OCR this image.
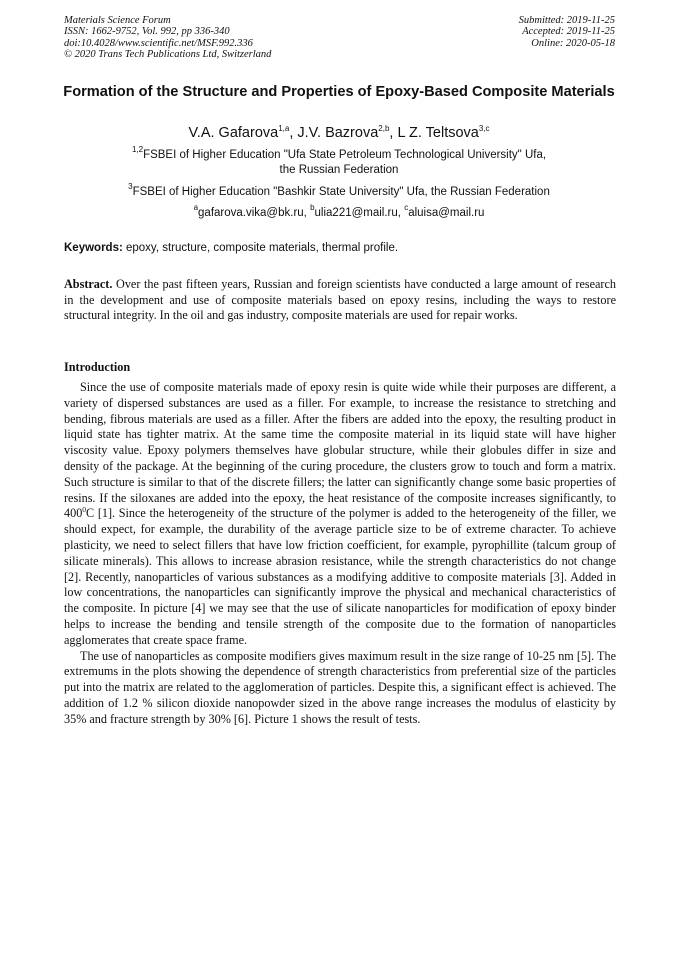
Materials Science Forum
ISSN: 1662-9752, Vol. 992, pp 336-340
doi:10.4028/www.scientific.net/MSF.992.336
© 2020 Trans Tech Publications Ltd, Switzerland
Submitted: 2019-11-25
Accepted: 2019-11-25
Online: 2020-05-18
Formation of the Structure and Properties of Epoxy-Based Composite Materials
V.A. Gafarova$^{1,a}$, J.V. Bazrova$^{2,b}$, L Z. Teltsova$^{3,c}$
$^{1,2}$FSBEI of Higher Education "Ufa State Petroleum Technological University" Ufa,
the Russian Federation
$^3$FSBEI of Higher Education "Bashkir State University" Ufa, the Russian Federation
$^a$gafarova.vika@bk.ru, $^b$ulia221@mail.ru, $^c$aluisa@mail.ru
Keywords: epoxy, structure, composite materials, thermal profile.
Abstract. Over the past fifteen years, Russian and foreign scientists have conducted a large amount of research in the development and use of composite materials based on epoxy resins, including the ways to restore structural integrity. In the oil and gas industry, composite materials are used for repair works.
Introduction

Since the use of composite materials made of epoxy resin is quite wide while their purposes are different, a variety of dispersed substances are used as a filler. For example, to increase the resistance to stretching and bending, fibrous materials are used as a filler. After the fibers are added into the epoxy, the resulting product in liquid state has tighter matrix. At the same time the composite material in its liquid state will have higher viscosity value. Epoxy polymers themselves have globular structure, while their globules differ in size and density of the package. At the beginning of the curing procedure, the clusters grow to touch and form a matrix. Such structure is similar to that of the discrete fillers; the latter can significantly change some basic properties of resins. If the siloxanes are added into the epoxy, the heat resistance of the composite increases significantly, to $400^0C$ [1]. Since the heterogeneity of the structure of the polymer is added to the heterogeneity of the filler, we should expect, for example, the durability of the average particle size to be of extreme character. To achieve plasticity, we need to select fillers that have low friction coefficient, for example, pyrophillite (talcum group of silicate minerals). This allows to increase abrasion resistance, while the strength characteristics do not change [2]. Recently, nanoparticles of various substances as a modifying additive to composite materials [3]. Added in low concentrations, the nanoparticles can significantly improve the physical and mechanical characteristics of the composite. In picture [4] we may see that the use of silicate nanoparticles for modification of epoxy binder helps to increase the bending and tensile strength of the composite due to the formation of nanoparticles agglomerates that create space frame.

The use of nanoparticles as composite modifiers gives maximum result in the size range of 10-25 nm [5]. The extremums in the plots showing the dependence of strength characteristics from preferential size of the particles put into the matrix are related to the agglomeration of particles. Despite this, a significant effect is achieved. The addition of 1.2 % silicon dioxide nanopowder sized in the above range increases the modulus of elasticity by 35% and fracture strength by 30% [6]. Picture 1 shows the result of tests.
